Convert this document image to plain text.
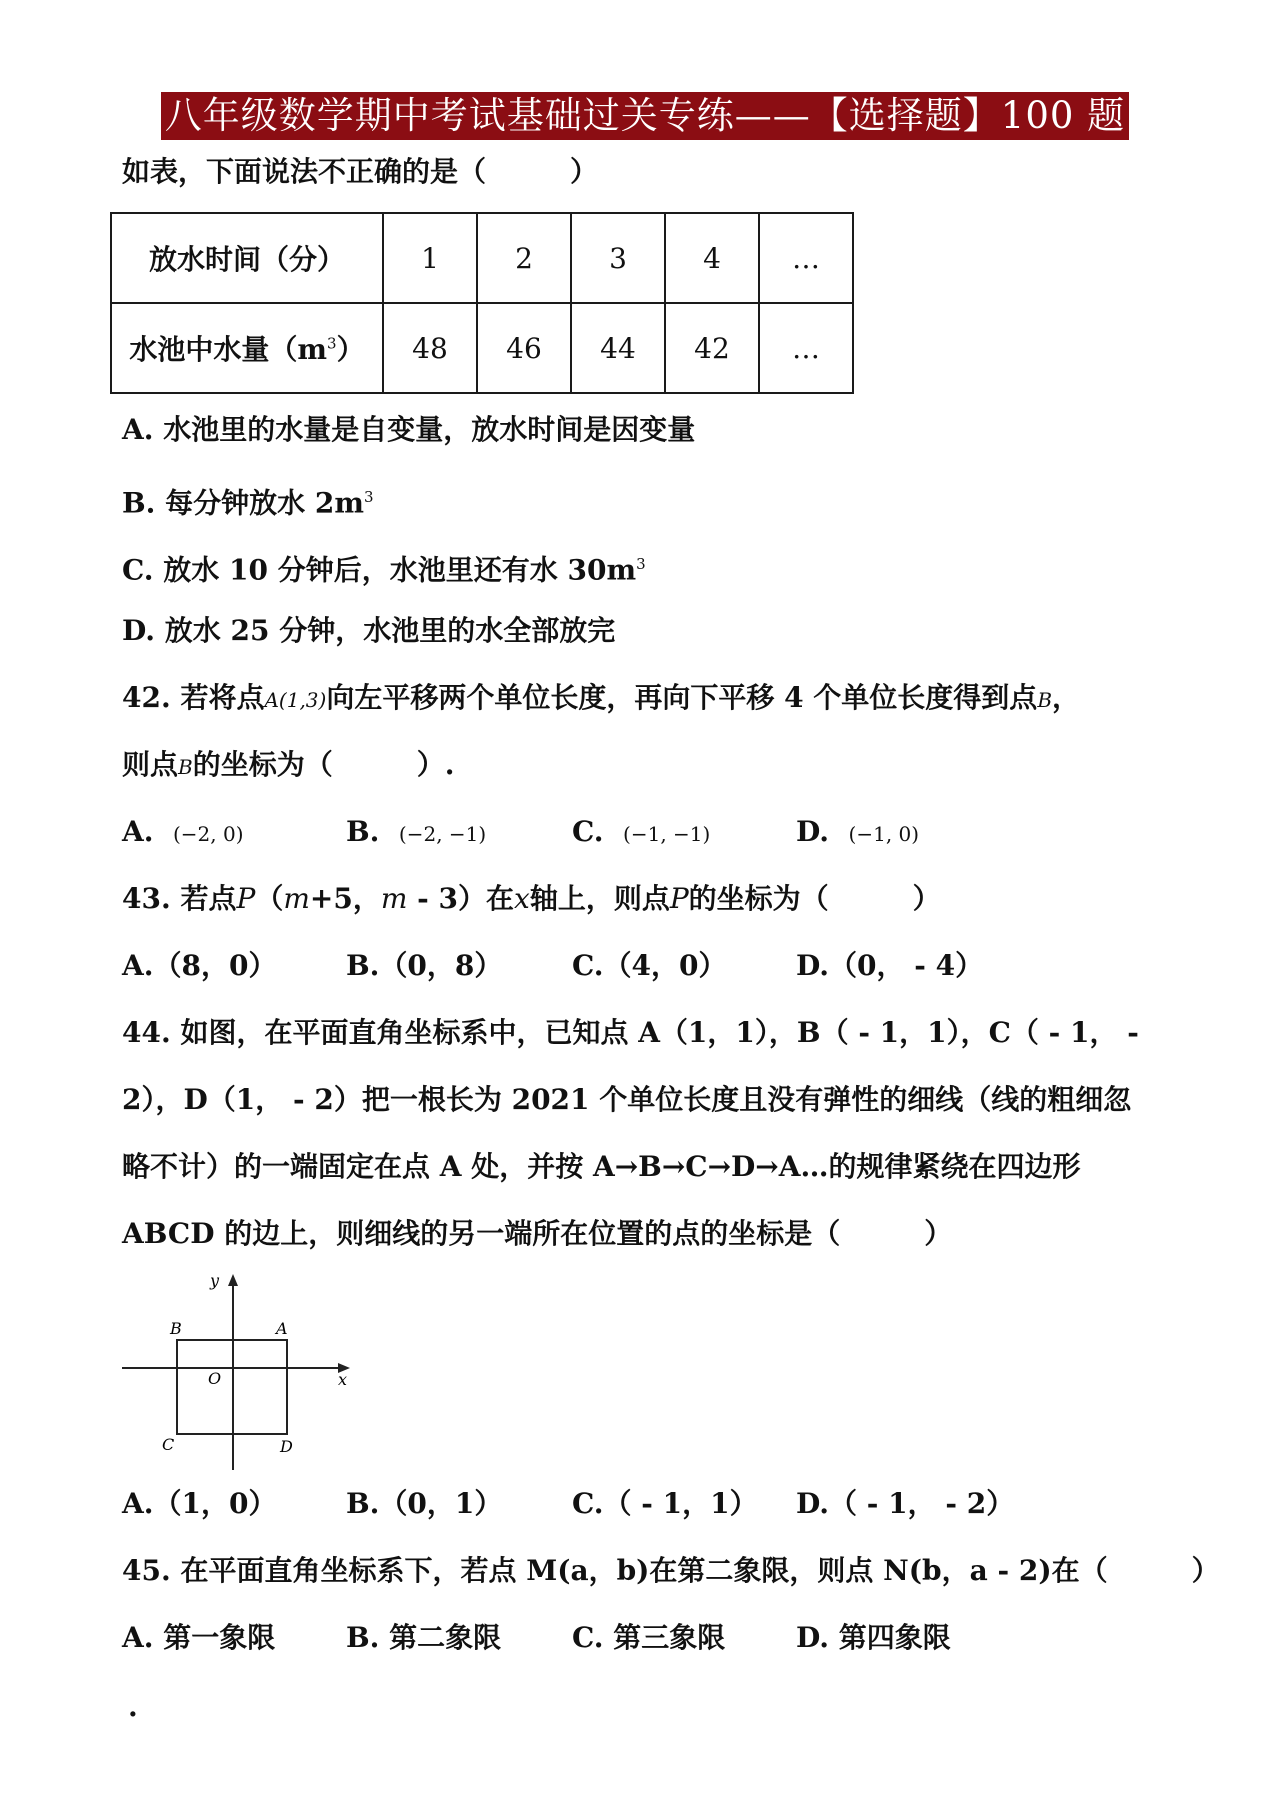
八年级数学期中考试基础过关专练——【选择题】100 题
如表，下面说法不正确的是（　　　）
放水时间（分）	1	2	3	4	…
水池中水量$(m^3)$	48	46	44	42	…
A. 水池里的水量是自变量，放水时间是因变量
B. 每分钟放水 $2m^3$
C. 放水 10 分钟后，水池里还有水 $30m^3$
D. 放水 25 分钟，水池里的水全部放完
42. 若将点A(1,3)向左平移两个单位长度，再向下平移 4 个单位长度得到点B，
则点B的坐标为（　　　）.
A. (−2, 0)	B. (−2, −1)	C. (−1, −1)	D. (−1, 0)
43. 若点P（m+5，m - 3）在x轴上，则点P的坐标为（　　　）
A.（8，0） B.（0，8） C.（4，0） D.（0， - 4）
44. 如图，在平面直角坐标系中，已知点 A（1，1），B（ - 1，1），C（ - 1， -
2），D（1， - 2）把一根长为 2021 个单位长度且没有弹性的细线（线的粗细忽
略不计）的一端固定在点 A 处，并按 A→B→C→D→A…的规律紧绕在四边形
ABCD 的边上，则细线的另一端所在位置的点的坐标是（　　　）
y
x
O
A
B
C	D
A.（1，0） B.（0，1） C.（ - 1，1） D.（ - 1， - 2）
45. 在平面直角坐标系下，若点 M(a，b)在第二象限，则点 N(b，a - 2)在（　　　）
A. 第一象限	B. 第二象限	C. 第三象限	D. 第四象限
.
